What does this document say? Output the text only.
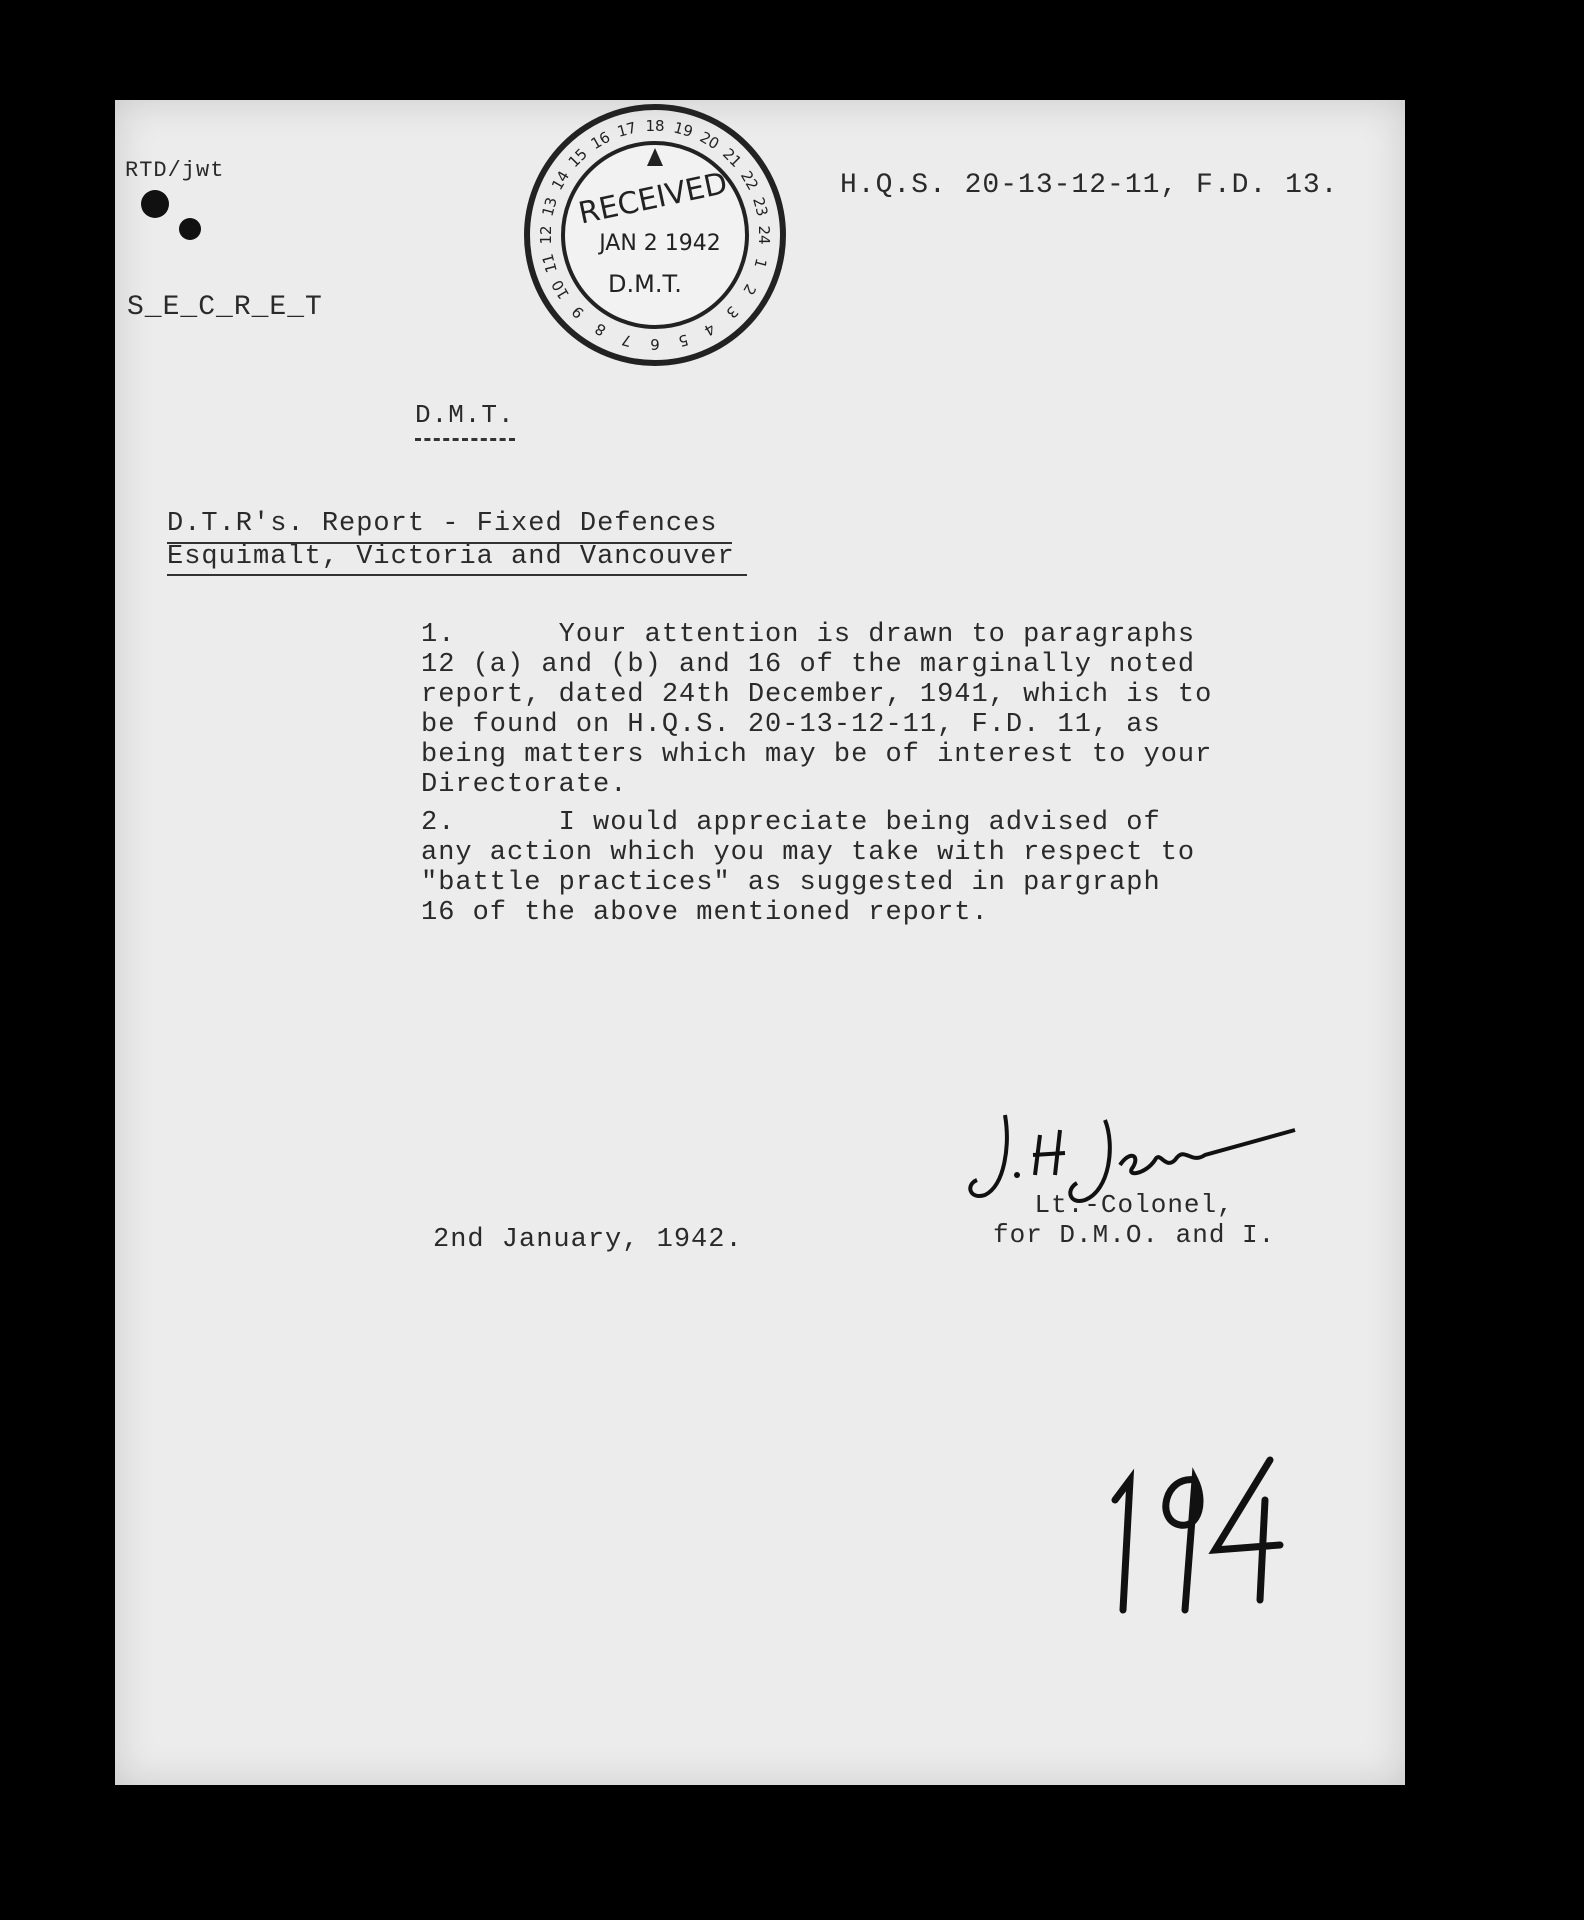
RTD/jwt
S_E_C_R_E_T
16 17 18 19 20
21
22
23
24
1
2
3
4
5
6
7
8
9
10
11
12
13
14
15
RECEIVED
JAN 2 1942
D.M.T.
H.Q.S. 20-13-12-11, F.D. 13.
D.M.T.
D.T.R's. Report - Fixed Defences
Esquimalt, Victoria and Vancouver
1.      Your attention is drawn to paragraphs
12 (a) and (b) and 16 of the marginally noted
report, dated 24th December, 1941, which is to
be found on H.Q.S. 20-13-12-11, F.D. 11, as
being matters which may be of interest to your
Directorate.
2.      I would appreciate being advised of
any action which you may take with respect to
"battle practices" as suggested in pargraph
16 of the above mentioned report.
2nd January, 1942.
Lt.-Colonel,
for D.M.O. and I.
